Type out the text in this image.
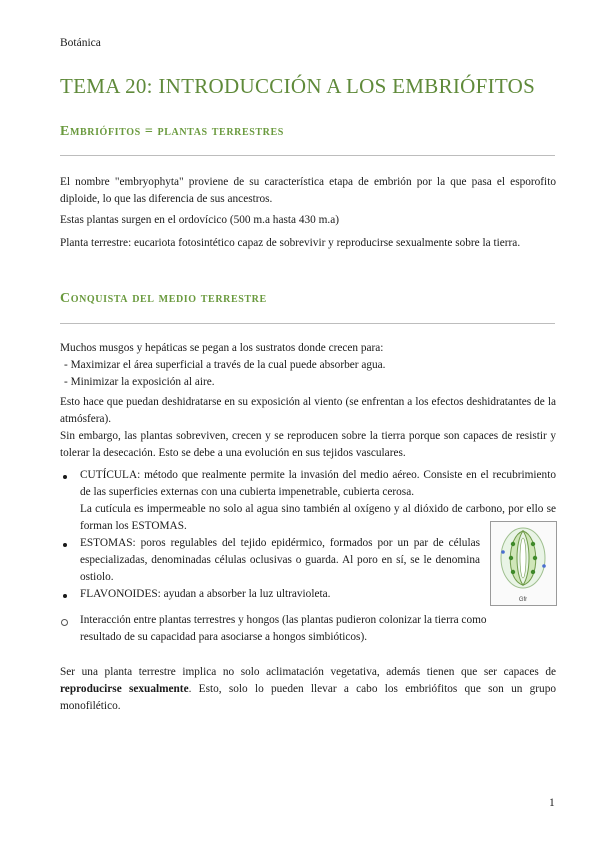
Botánica
TEMA 20: INTRODUCCIÓN A LOS EMBRIÓFITOS
Embriófitos = plantas terrestres

El nombre "embryophyta" proviene de su característica etapa de embrión por la que pasa el esporofito diploide, lo que las diferencia de sus ancestros.

Estas plantas surgen en el ordovícico (500 m.a hasta 430 m.a)

Planta terrestre: eucariota fotosintético capaz de sobrevivir y reproducirse sexualmente sobre la tierra.

Conquista del medio terrestre

Muchos musgos y hepáticas se pegan a los sustratos donde crecen para:

- Maximizar el área superficial a través de la cual puede absorber agua.
- Minimizar la exposición al aire.

Esto hace que puedan deshidratarse en su exposición al viento (se enfrentan a los efectos deshidratantes de la atmósfera).

Sin embargo, las plantas sobreviven, crecen y se reproducen sobre la tierra porque son capaces de resistir y tolerar la desecación. Esto se debe a una evolución en sus tejidos vasculares.

CUTÍCULA: método que realmente permite la invasión del medio aéreo. Consiste en el recubrimiento de las superficies externas con una cubierta impenetrable, cubierta cerosa.

La cutícula es impermeable no solo al agua sino también al oxígeno y al dióxido de carbono, por ello se forman los ESTOMAS.

ESTOMAS: poros regulables del tejido epidérmico, formados por un par de células especializadas, denominadas células oclusivas o guarda. Al poro en sí, se le denomina ostiolo.

FLAVONOIDES: ayudan a absorber la luz ultravioleta.

Interacción entre plantas terrestres y hongos (las plantas pudieron colonizar la tierra como resultado de su capacidad para asociarse a hongos simbióticos).

Ser una planta terrestre implica no solo aclimatación vegetativa, además tienen que ser capaces de reproducirse sexualmente. Esto, solo lo pueden llevar a cabo los embriófitos que son un grupo monofilético.

Gfr
1
